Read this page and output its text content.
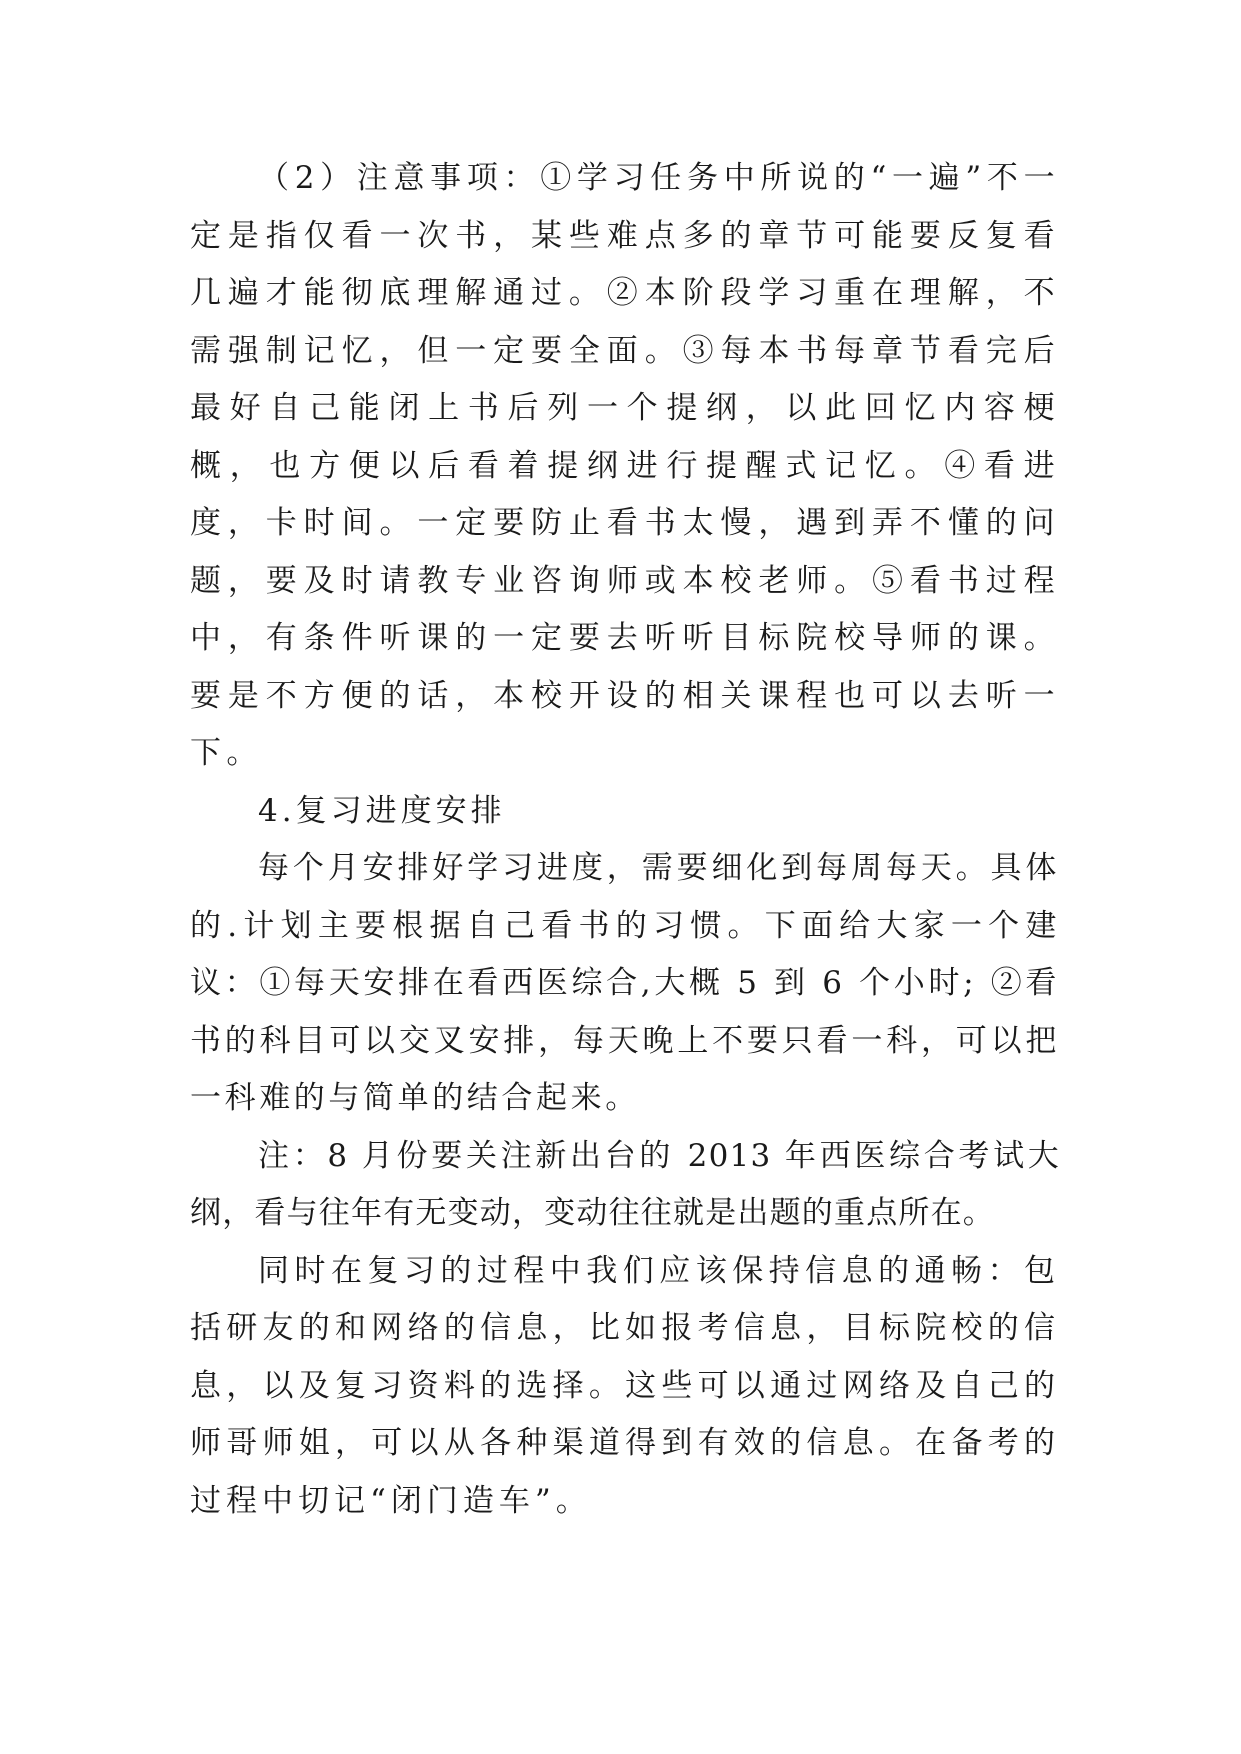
（2）注意事项：①学习任务中所说的“一遍”不一定是指仅看一次书，某些难点多的章节可能要反复看几遍才能彻底理解通过。②本阶段学习重在理解，不需强制记忆，但一定要全面。③每本书每章节看完后最好自己能闭上书后列一个提纲，以此回忆内容梗概，也方便以后看着提纲进行提醒式记忆。④看进度，卡时间。一定要防止看书太慢，遇到弄不懂的问题，要及时请教专业咨询师或本校老师。⑤看书过程中，有条件听课的一定要去听听目标院校导师的课。要是不方便的话，本校开设的相关课程也可以去听一下。

4.复习进度安排

每个月安排好学习进度，需要细化到每周每天。具体的.计划主要根据自己看书的习惯。下面给大家一个建议：①每天安排在看西医综合,大概 5 到 6 个小时; ②看书的科目可以交叉安排，每天晚上不要只看一科，可以把一科难的与简单的结合起来。

注：8 月份要关注新出台的 2013 年西医综合考试大纲，看与往年有无变动，变动往往就是出题的重点所在。

同时在复习的过程中我们应该保持信息的通畅：包括研友的和网络的信息，比如报考信息，目标院校的信息，以及复习资料的选择。这些可以通过网络及自己的师哥师姐，可以从各种渠道得到有效的信息。在备考的过程中切记“闭门造车”。
